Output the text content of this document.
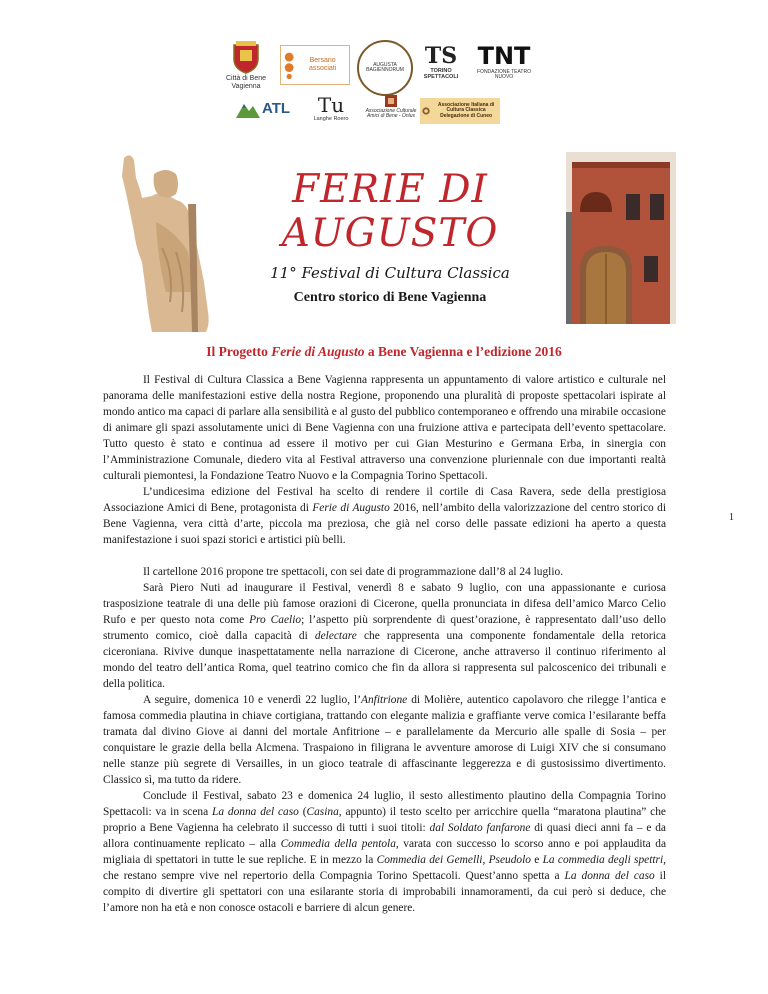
Città di Bene Vagienna
Bersano associati
AUGUSTA BAGIENNORUM
TS
TORINO SPETTACOLI
TNT
FONDAZIONE TEATRO NUOVO
ATL Tu
Langhe Roero
Associazione Culturale Amici di Bene - Onlus
Associazione Italiana di Cultura Classica Delegazione di Cuneo
FERIE DI
AUGUSTO

11° Festival di Cultura Classica

Centro storico di Bene Vagienna

Il Progetto Ferie di Augusto a Bene Vagienna e l’edizione 2016

1

Il Festival di Cultura Classica a Bene Vagienna rappresenta un appuntamento di valore artistico e culturale nel panorama delle manifestazioni estive della nostra Regione, proponendo una pluralità di proposte spettacolari ispirate al mondo antico ma capaci di parlare alla sensibilità e al gusto del pubblico contemporaneo e offrendo una mirabile occasione di animare gli spazi assolutamente unici di Bene Vagienna con una fruizione attiva e partecipata dell’evento spettacolare. Tutto questo è stato e continua ad essere il motivo per cui Gian Mesturino e Germana Erba, in sinergia con l’Amministrazione Comunale, diedero vita al Festival attraverso una convenzione pluriennale con due importanti realtà culturali piemontesi, la Fondazione Teatro Nuovo e la Compagnia Torino Spettacoli.

L’undicesima edizione del Festival ha scelto di rendere il cortile di Casa Ravera, sede della prestigiosa Associazione Amici di Bene, protagonista di Ferie di Augusto 2016, nell’ambito della valorizzazione del centro storico di Bene Vagienna, vera città d’arte, piccola ma preziosa, che già nel corso delle passate edizioni ha aperto a questa manifestazione i suoi spazi storici e artistici più belli.

Il cartellone 2016 propone tre spettacoli, con sei date di programmazione dall’8 al 24 luglio.

Sarà Piero Nuti ad inaugurare il Festival, venerdì 8 e sabato 9 luglio, con una appassionante e curiosa trasposizione teatrale di una delle più famose orazioni di Cicerone, quella pronunciata in difesa dell’amico Marco Celio Rufo e per questo nota come Pro Caelio; l’aspetto più sorprendente di quest’orazione, è rappresentato dall’uso dello strumento comico, cioè dalla capacità di delectare che rappresenta una componente fondamentale della retorica ciceroniana. Rivive dunque inaspettatamente nella narrazione di Cicerone, anche attraverso il continuo riferimento al mondo del teatro dell’antica Roma, quel teatrino comico che fin da allora si rappresenta sul palcoscenico dei tribunali e della politica.

A seguire, domenica 10 e venerdì 22 luglio, l’Anfitrione di Molière, autentico capolavoro che rilegge l’antica e famosa commedia plautina in chiave cortigiana, trattando con elegante malizia e graffiante verve comica l’esilarante beffa tramata dal divino Giove ai danni del mortale Anfitrione – e parallelamente da Mercurio alle spalle di Sosia – per conquistare le grazie della bella Alcmena. Traspaiono in filigrana le avventure amorose di Luigi XIV che si consumano nelle stanze più segrete di Versailles, in un gioco teatrale di affascinante leggerezza e di gustosissimo divertimento. Classico sì, ma tutto da ridere.

Conclude il Festival, sabato 23 e domenica 24 luglio, il sesto allestimento plautino della Compagnia Torino Spettacoli: va in scena La donna del caso (Casina, appunto) il testo scelto per arricchire quella “maratona plautina” che proprio a Bene Vagienna ha celebrato il successo di tutti i suoi titoli: dal Soldato fanfarone di quasi dieci anni fa – e da allora continuamente replicato – alla Commedia della pentola, varata con successo lo scorso anno e poi applaudita da migliaia di spettatori in tutte le sue repliche. E in mezzo la Commedia dei Gemelli, Pseudolo e La commedia degli spettri, che restano sempre vive nel repertorio della Compagnia Torino Spettacoli. Quest’anno spetta a La donna del caso il compito di divertire gli spettatori con una esilarante storia di improbabili innamoramenti, da cui però si deduce, che l’amore non ha età e non conosce ostacoli e barriere di alcun genere.
